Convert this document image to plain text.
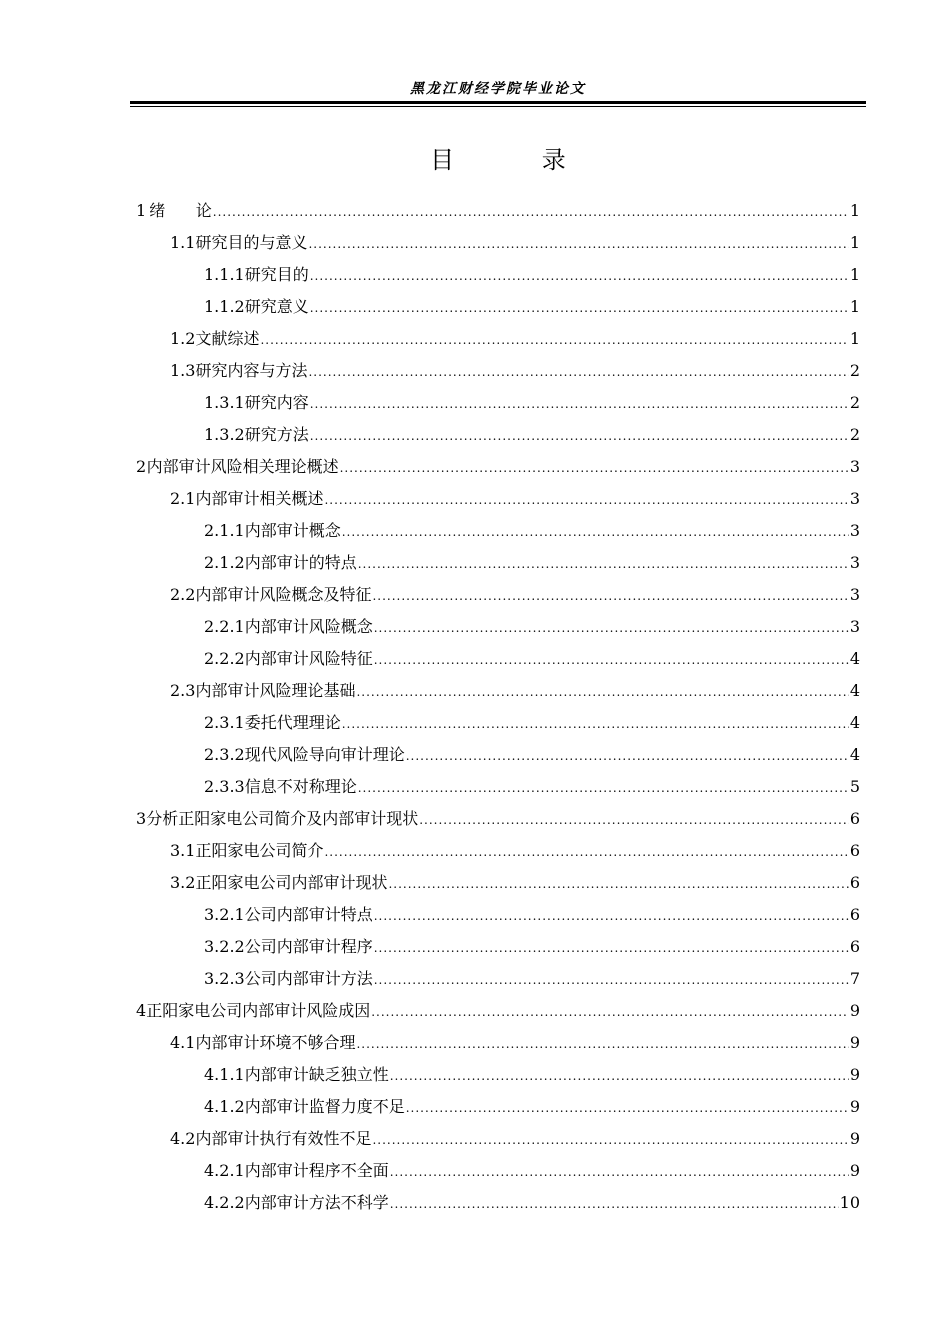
黑龙江财经学院毕业论文
目 录
1 绪      论 .....	1
1.1 研究目的与意义 .....	1
1.1.1 研究目的 .....	1
1.1.2 研究意义 .....	1
1.2 文献综述 .....	1
1.3 研究内容与方法 .....	2
1.3.1 研究内容 .....	2
1.3.2 研究方法 .....	2
2 内部审计风险相关理论概述 .....	3
2.1 内部审计相关概述 .....	3
2.1.1 内部审计概念 .....	3
2.1.2 内部审计的特点 .....	3
2.2 内部审计风险概念及特征 .....	3
2.2.1 内部审计风险概念 .....	3
2.2.2 内部审计风险特征 .....	4
2.3 内部审计风险理论基础 .....	4
2.3.1 委托代理理论 .....	4
2.3.2 现代风险导向审计理论 .....	4
2.3.3 信息不对称理论 .....	5
3 分析正阳家电公司简介及内部审计现状 .....	6
3.1 正阳家电公司简介 .....	6
3.2 正阳家电公司内部审计现状 .....	6
3.2.1 公司内部审计特点 .....	6
3.2.2 公司内部审计程序 .....	6
3.2.3 公司内部审计方法 .....	7
4 正阳家电公司内部审计风险成因 .....	9
4.1 内部审计环境不够合理 .....	9
4.1.1 内部审计缺乏独立性 .....	9
4.1.2 内部审计监督力度不足 .....	9
4.2 内部审计执行有效性不足 .....	9
4.2.1 内部审计程序不全面 .....	9
4.2.2 内部审计方法不科学 .....	10
